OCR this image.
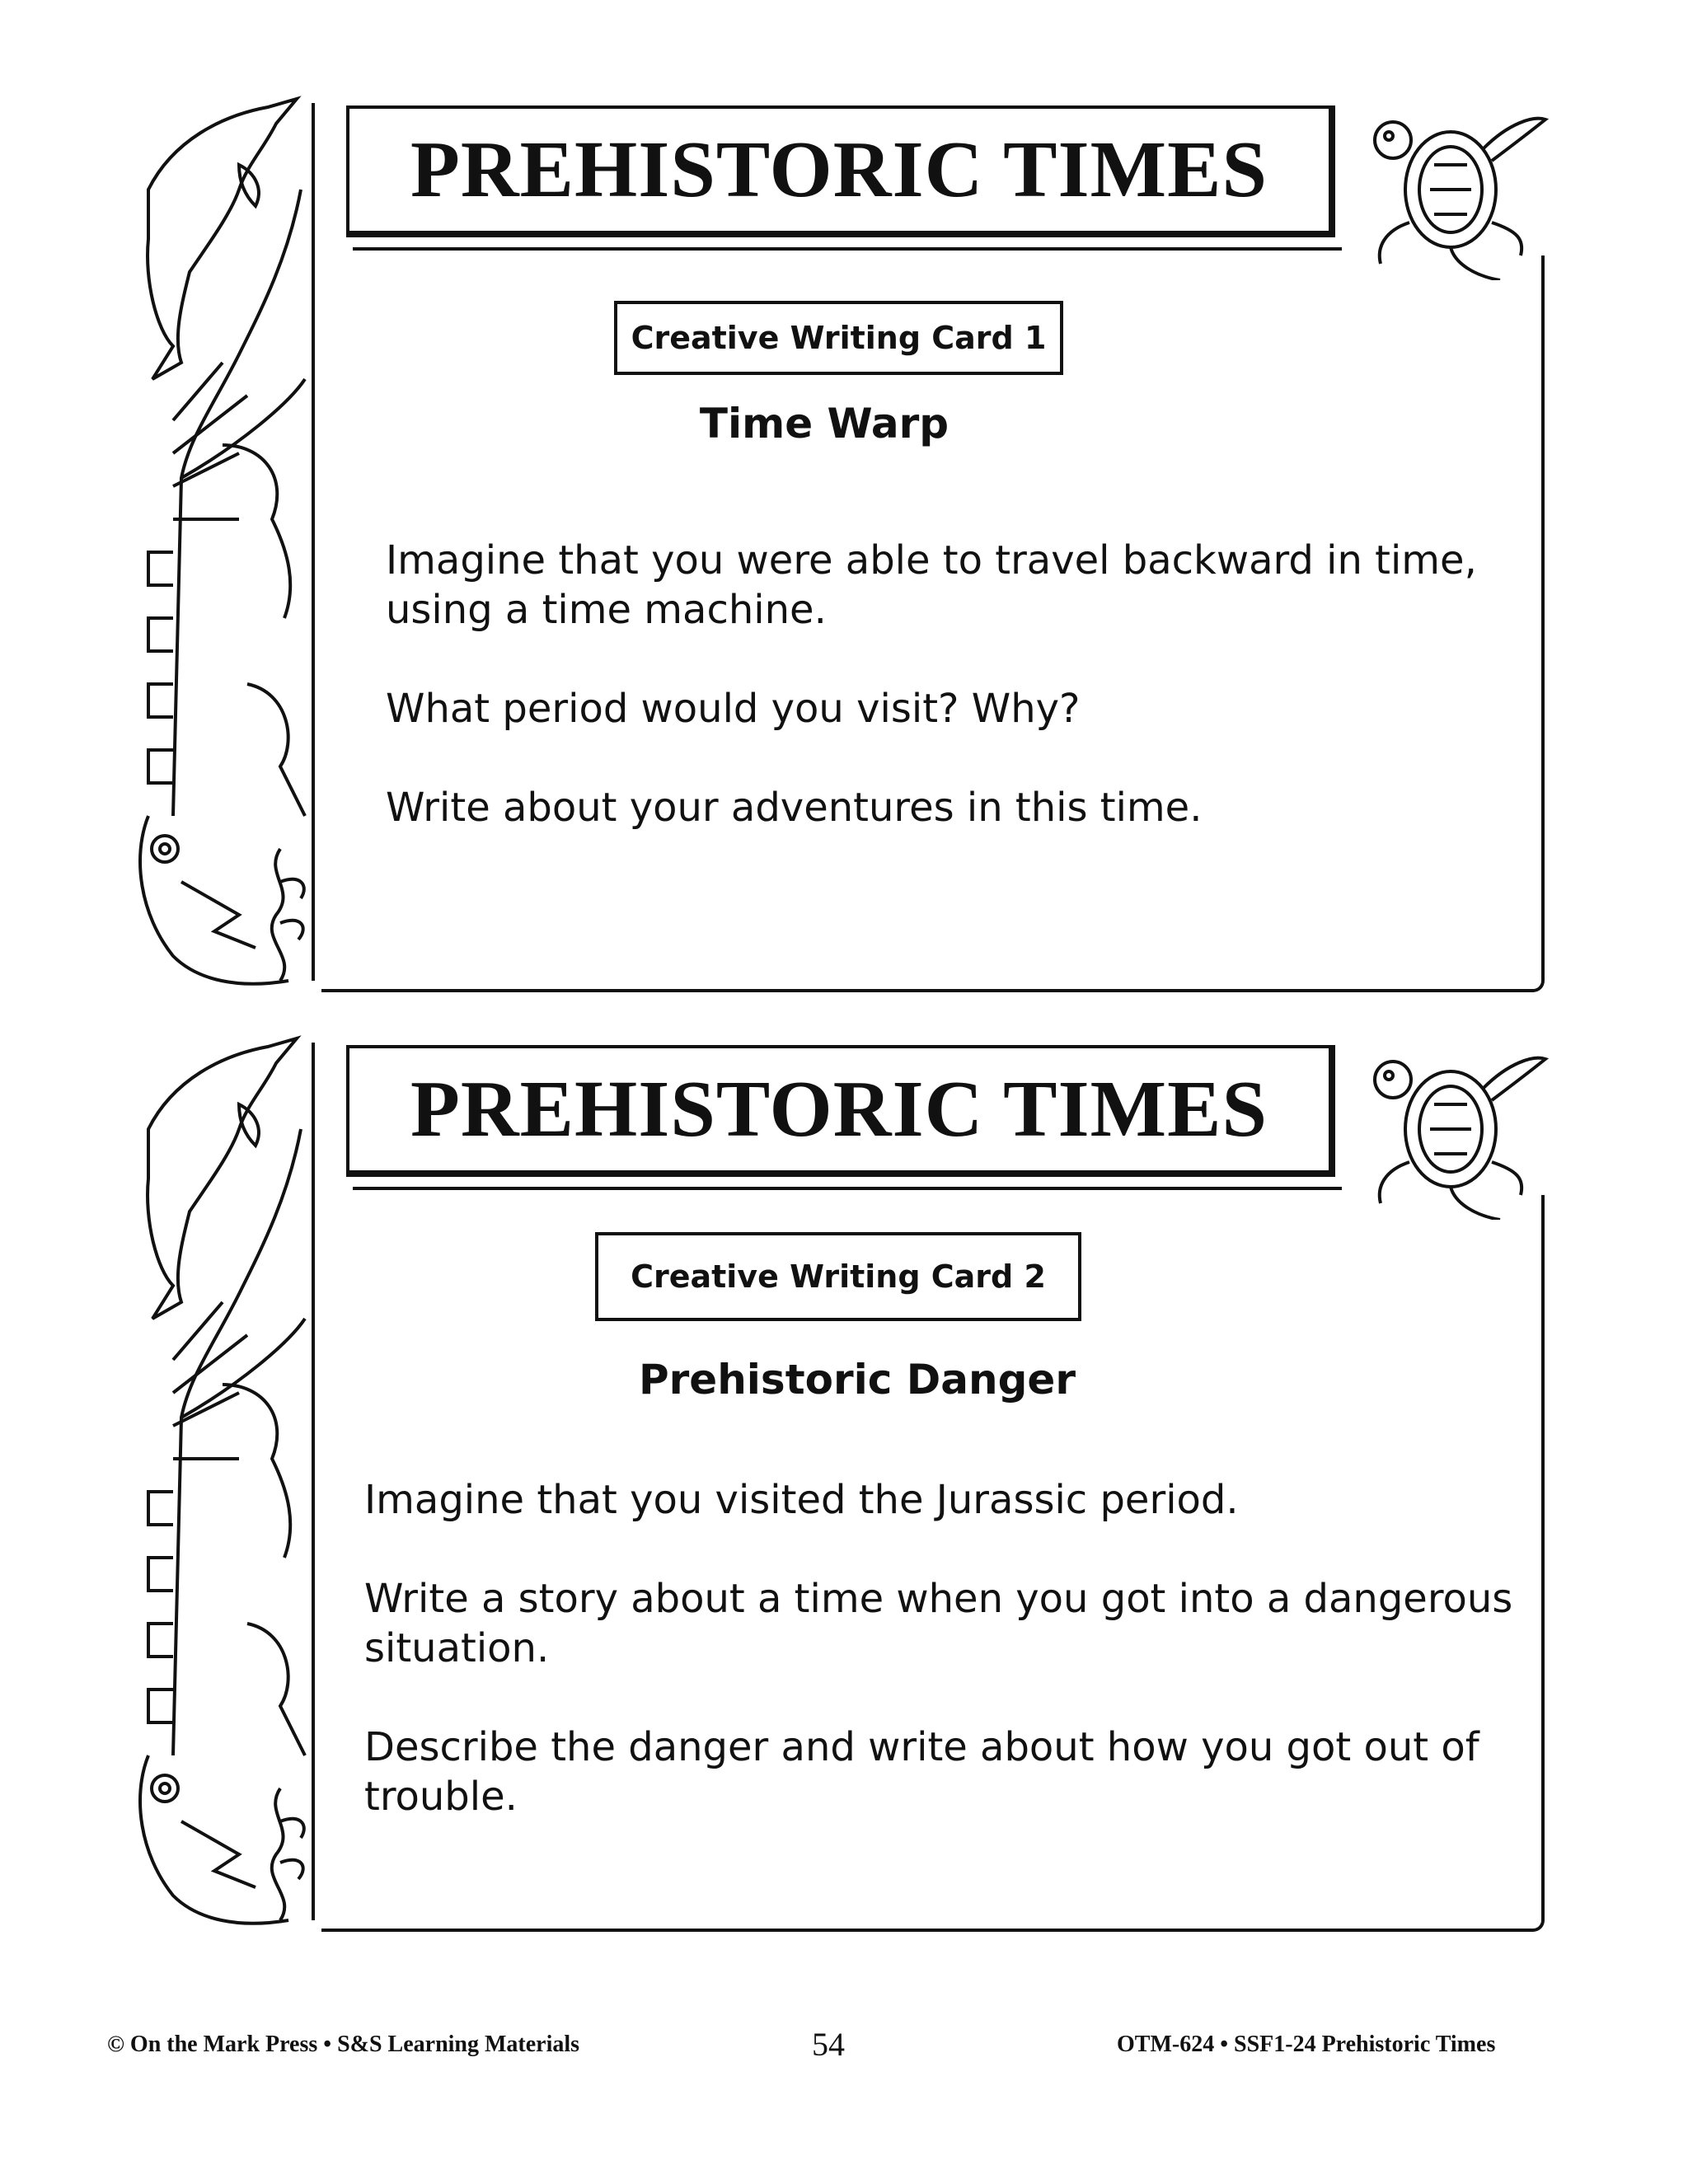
PREHISTORIC TIMES
Creative Writing Card 1
Time Warp

Imagine that you were able to travel backward in time, using a time machine.

What period would you visit? Why?

Write about your adventures in this time.

PREHISTORIC TIMES
Creative Writing Card 2
Prehistoric Danger

Imagine that you visited the Jurassic period.

Write a story about a time when you got into a dangerous situation.

Describe the danger and write about how you got out of trouble.

© On the Mark Press • S&S Learning Materials	54	OTM-624 • SSF1-24 Prehistoric Times
